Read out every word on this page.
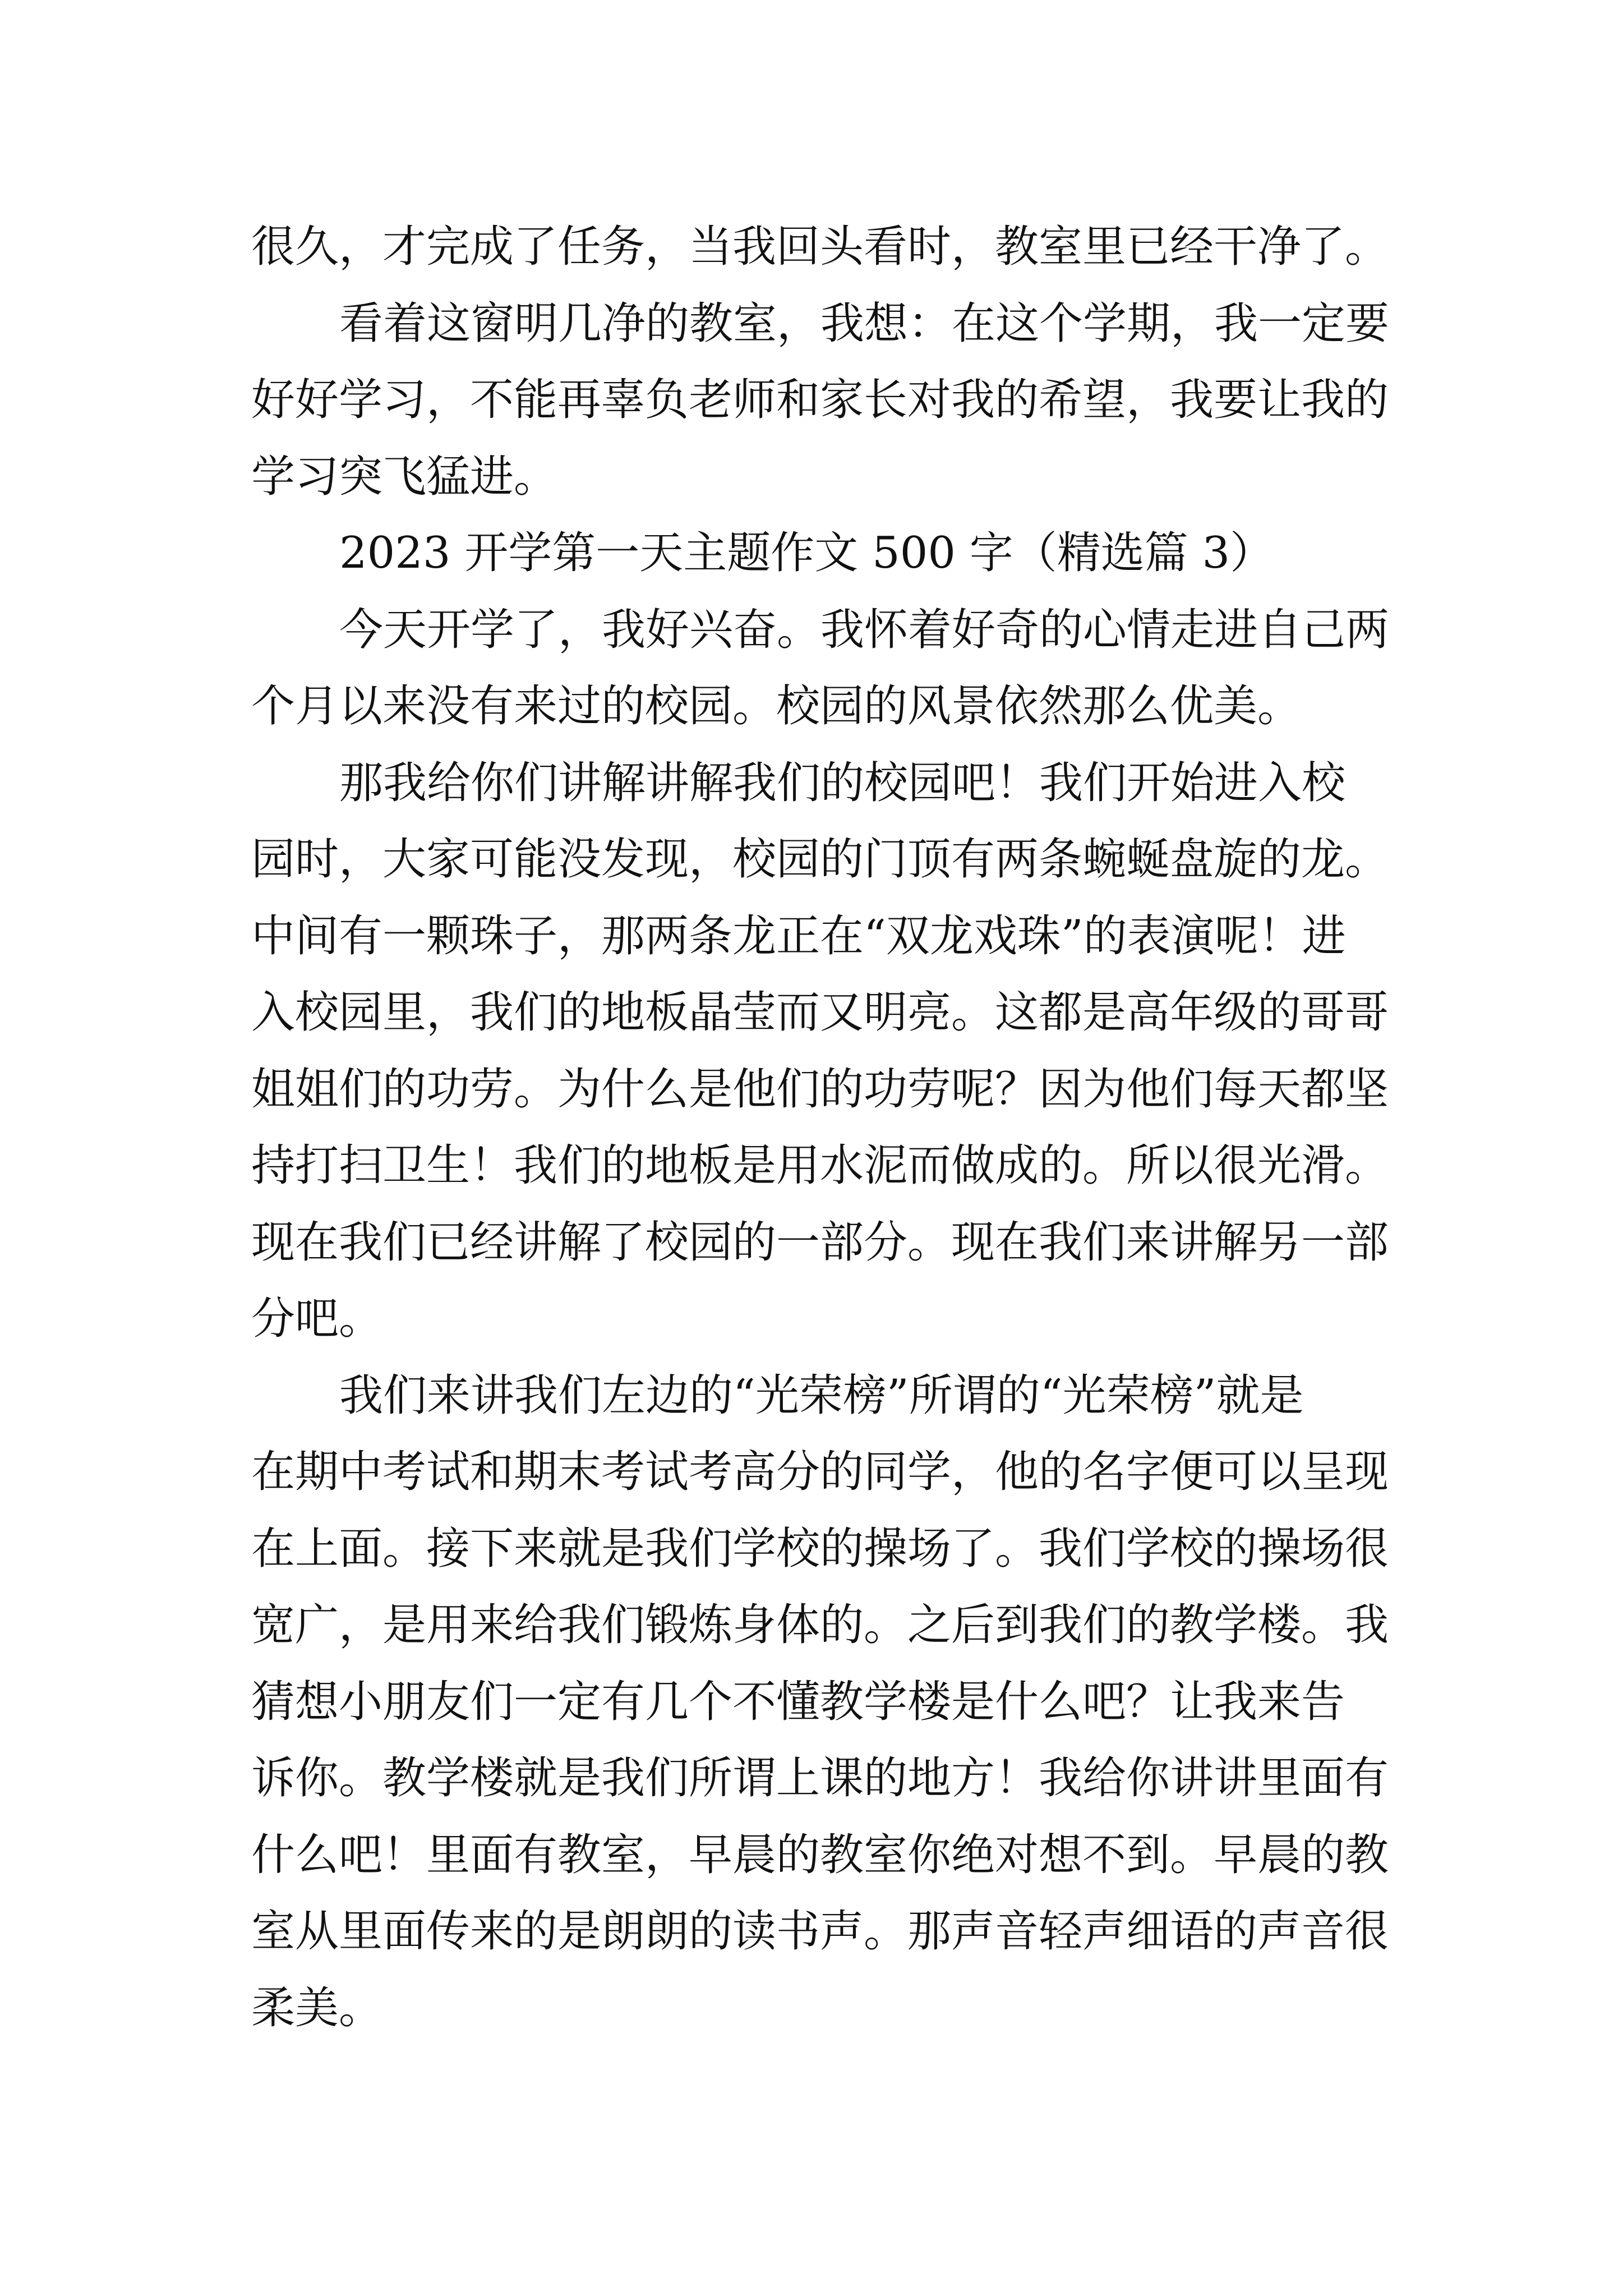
很久，才完成了任务，当我回头看时，教室里已经干净了。
看着这窗明几净的教室，我想：在这个学期，我一定要
好好学习，不能再辜负老师和家长对我的希望，我要让我的
学习突飞猛进。
2023 开学第一天主题作文 500 字（精选篇 3）
今天开学了，我好兴奋。我怀着好奇的心情走进自己两
个月以来没有来过的校园。校园的风景依然那么优美。
那我给你们讲解讲解我们的校园吧！我们开始进入校
园时，大家可能没发现，校园的门顶有两条蜿蜒盘旋的龙。
中间有一颗珠子，那两条龙正在“双龙戏珠”的表演呢！进
入校园里，我们的地板晶莹而又明亮。这都是高年级的哥哥
姐姐们的功劳。为什么是他们的功劳呢？因为他们每天都坚
持打扫卫生！我们的地板是用水泥而做成的。所以很光滑。
现在我们已经讲解了校园的一部分。现在我们来讲解另一部
分吧。
我们来讲我们左边的“光荣榜”所谓的“光荣榜”就是
在期中考试和期末考试考高分的同学，他的名字便可以呈现
在上面。接下来就是我们学校的操场了。我们学校的操场很
宽广，是用来给我们锻炼身体的。之后到我们的教学楼。我
猜想小朋友们一定有几个不懂教学楼是什么吧？让我来告
诉你。教学楼就是我们所谓上课的地方！我给你讲讲里面有
什么吧！里面有教室，早晨的教室你绝对想不到。早晨的教
室从里面传来的是朗朗的读书声。那声音轻声细语的声音很
柔美。
